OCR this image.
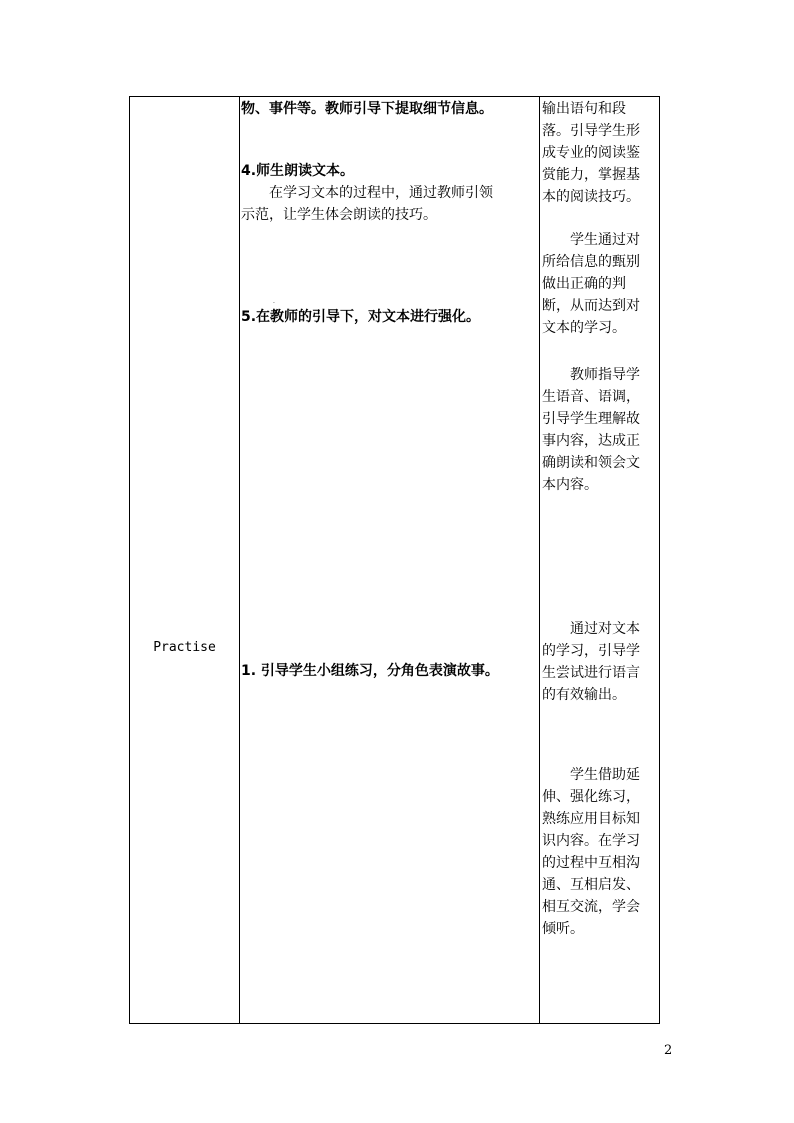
Practise
物、事件等。教师引导下提取细节信息。
4.师生朗读文本。
在学习文本的过程中，通过教师引领
示范，让学生体会朗读的技巧。
5.在教师的引导下，对文本进行强化。
1. 引导学生小组练习，分角色表演故事。
·
输出语句和段
落。引导学生形
成专业的阅读鉴
赏能力，掌握基
本的阅读技巧。
学生通过对
所给信息的甄别
做出正确的判
断，从而达到对
文本的学习。
教师指导学
生语音、语调，
引导学生理解故
事内容，达成正
确朗读和领会文
本内容。
通过对文本
的学习，引导学
生尝试进行语言
的有效输出。
学生借助延
伸、强化练习，
熟练应用目标知
识内容。在学习
的过程中互相沟
通、互相启发、
相互交流，学会
倾听。
2
